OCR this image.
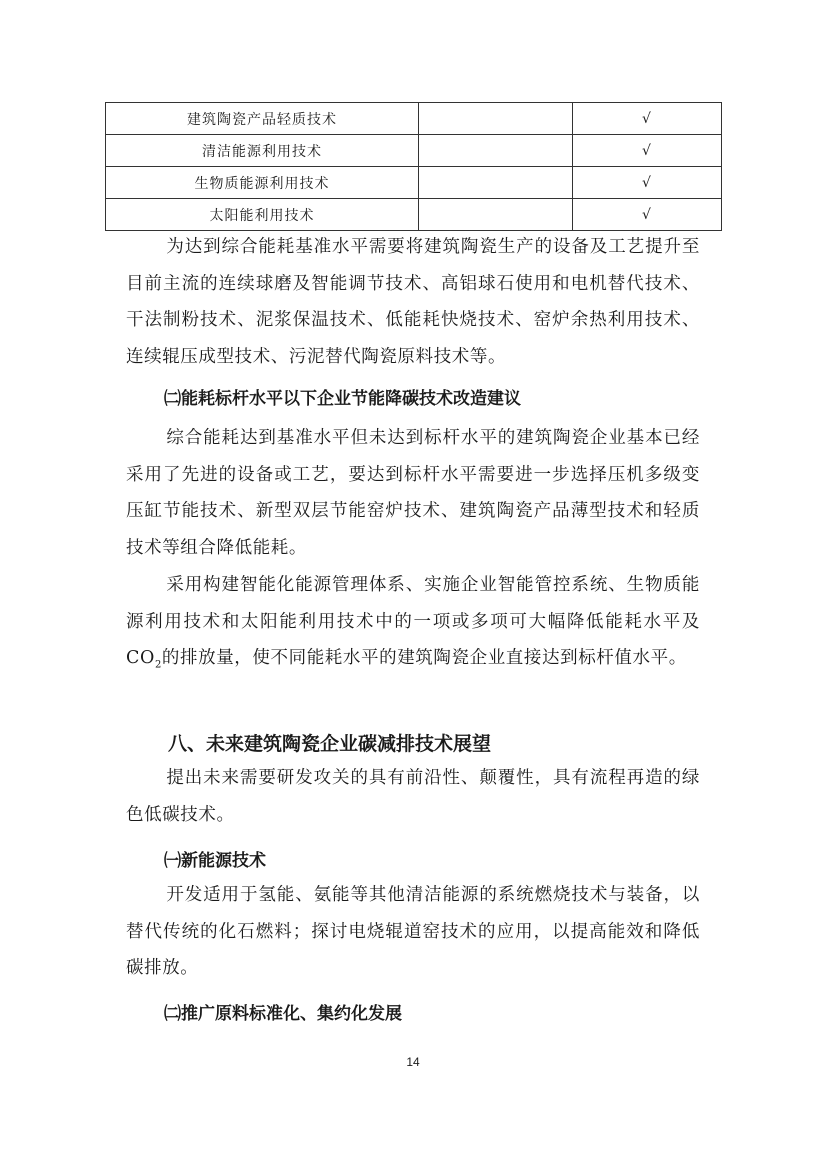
建筑陶瓷产品轻质技术		√
清洁能源利用技术		√
生物质能源利用技术		√
太阳能利用技术		√

为达到综合能耗基准水平需要将建筑陶瓷生产的设备及工艺提升至目前主流的连续球磨及智能调节技术、高铝球石使用和电机替代技术、干法制粉技术、泥浆保温技术、低能耗快烧技术、窑炉余热利用技术、连续辊压成型技术、污泥替代陶瓷原料技术等。

㈡能耗标杆水平以下企业节能降碳技术改造建议

综合能耗达到基准水平但未达到标杆水平的建筑陶瓷企业基本已经采用了先进的设备或工艺，要达到标杆水平需要进一步选择压机多级变压缸节能技术、新型双层节能窑炉技术、建筑陶瓷产品薄型技术和轻质技术等组合降低能耗。

采用构建智能化能源管理体系、实施企业智能管控系统、生物质能源利用技术和太阳能利用技术中的一项或多项可大幅降低能耗水平及 $CO_2$的排放量，使不同能耗水平的建筑陶瓷企业直接达到标杆值水平。

八、未来建筑陶瓷企业碳减排技术展望

提出未来需要研发攻关的具有前沿性、颠覆性，具有流程再造的绿色低碳技术。

㈠新能源技术

开发适用于氢能、氨能等其他清洁能源的系统燃烧技术与装备，以替代传统的化石燃料；探讨电烧辊道窑技术的应用，以提高能效和降低碳排放。

㈡推广原料标准化、集约化发展

14
